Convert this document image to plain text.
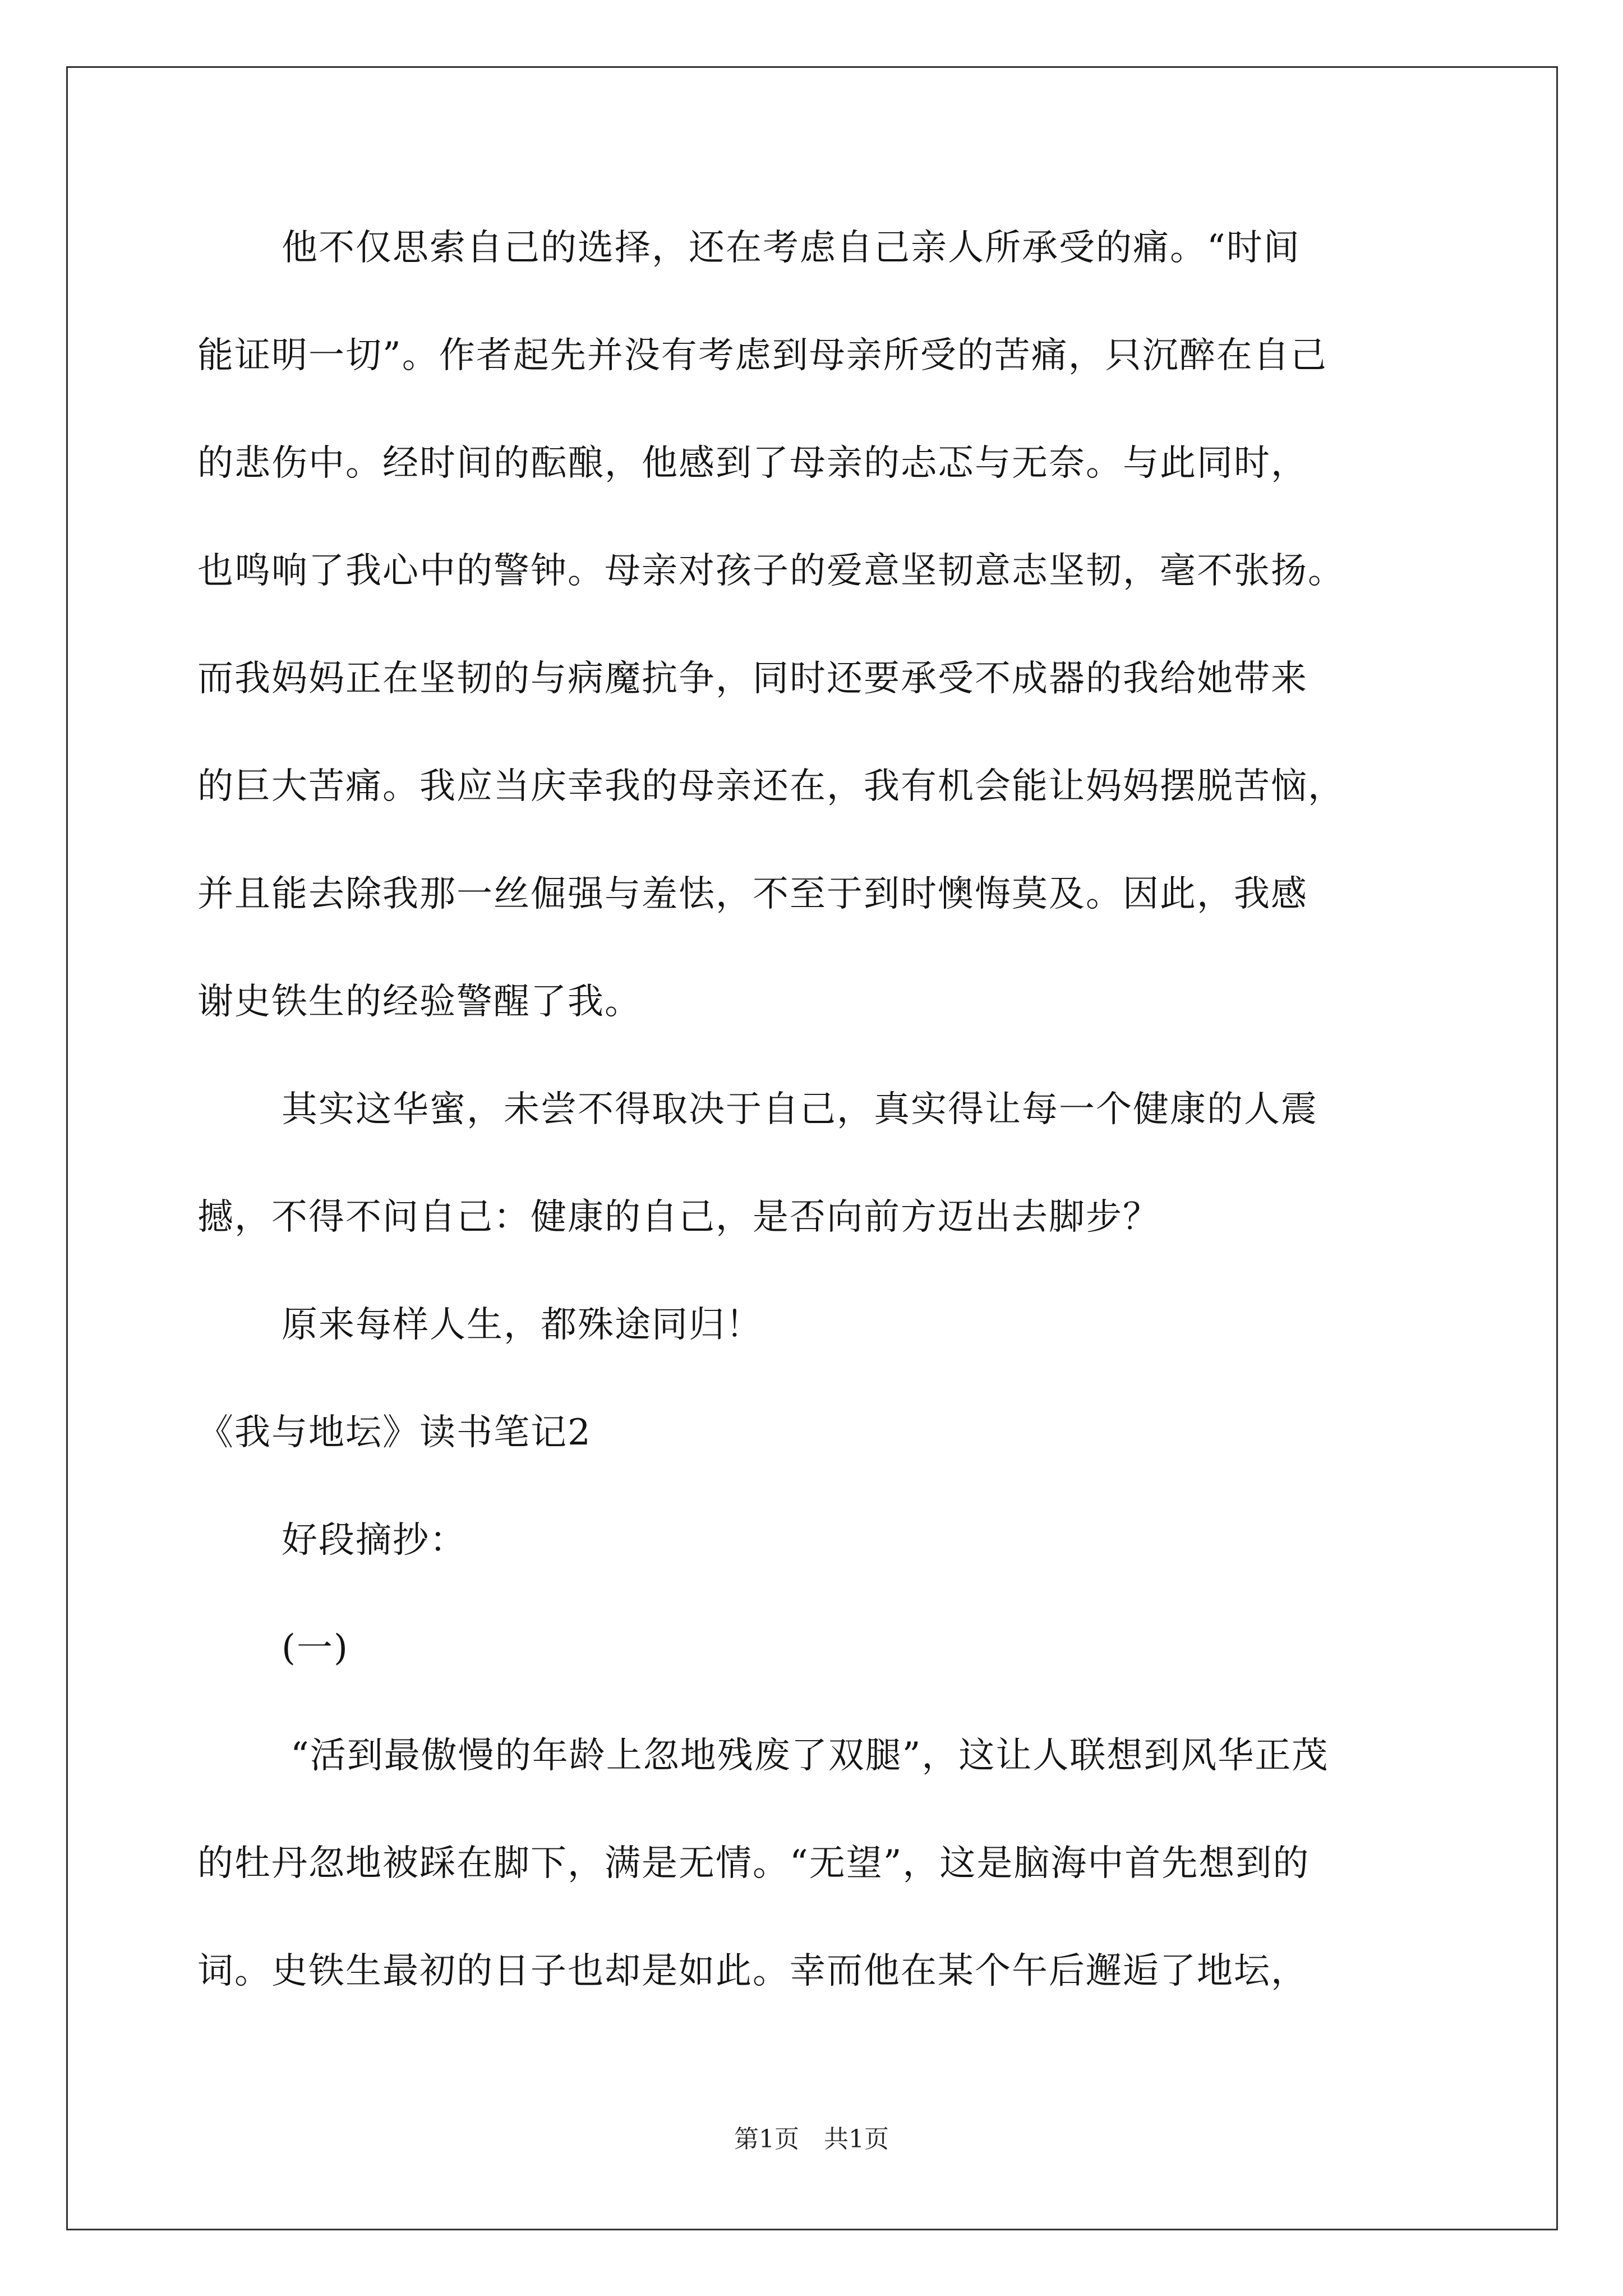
他不仅思索自己的选择，还在考虑自己亲人所承受的痛。“时间
能证明一切”。作者起先并没有考虑到母亲所受的苦痛，只沉醉在自己
的悲伤中。经时间的酝酿，他感到了母亲的忐忑与无奈。与此同时，
也鸣响了我心中的警钟。母亲对孩子的爱意坚韧意志坚韧，毫不张扬。
而我妈妈正在坚韧的与病魔抗争，同时还要承受不成器的我给她带来
的巨大苦痛。我应当庆幸我的母亲还在，我有机会能让妈妈摆脱苦恼，
并且能去除我那一丝倔强与羞怯，不至于到时懊悔莫及。因此，我感
谢史铁生的经验警醒了我。
其实这华蜜，未尝不得取决于自己，真实得让每一个健康的人震
撼，不得不问自己：健康的自己，是否向前方迈出去脚步？
原来每样人生，都殊途同归！
《我与地坛》读书笔记2
好段摘抄：
(一)
“活到最傲慢的年龄上忽地残废了双腿”，这让人联想到风华正茂
的牡丹忽地被踩在脚下，满是无情。“无望”，这是脑海中首先想到的
词。史铁生最初的日子也却是如此。幸而他在某个午后邂逅了地坛，
第1页　共1页
